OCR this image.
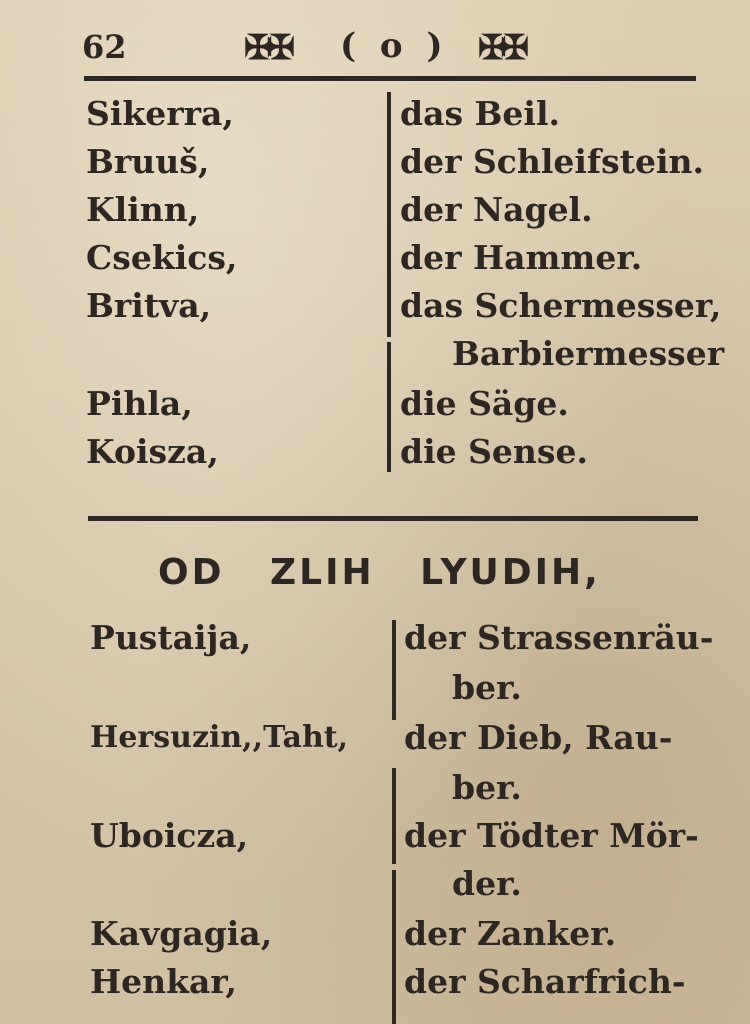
62	✠✠ ( o ) ✠✠
Sikerra,	das Beil.
Bruuš,	der Schleifstein.
Klinn,	der Nagel.
Csekics,	der Hammer.
Britva,	das Schermesser,
Barbiermesser
Pihla,	die Säge.
Koisza,	die Sense.
OD ZLIH LYUDIH,
Pustaija,	der Strassenräu-
ber.
Hersuzin,,Taht, der Dieb, Rau-
ber.
Uboicza,	der Tödter Mör-
der.
Kavgagia,	der Zanker.
Henkar,	der Scharfrich-
